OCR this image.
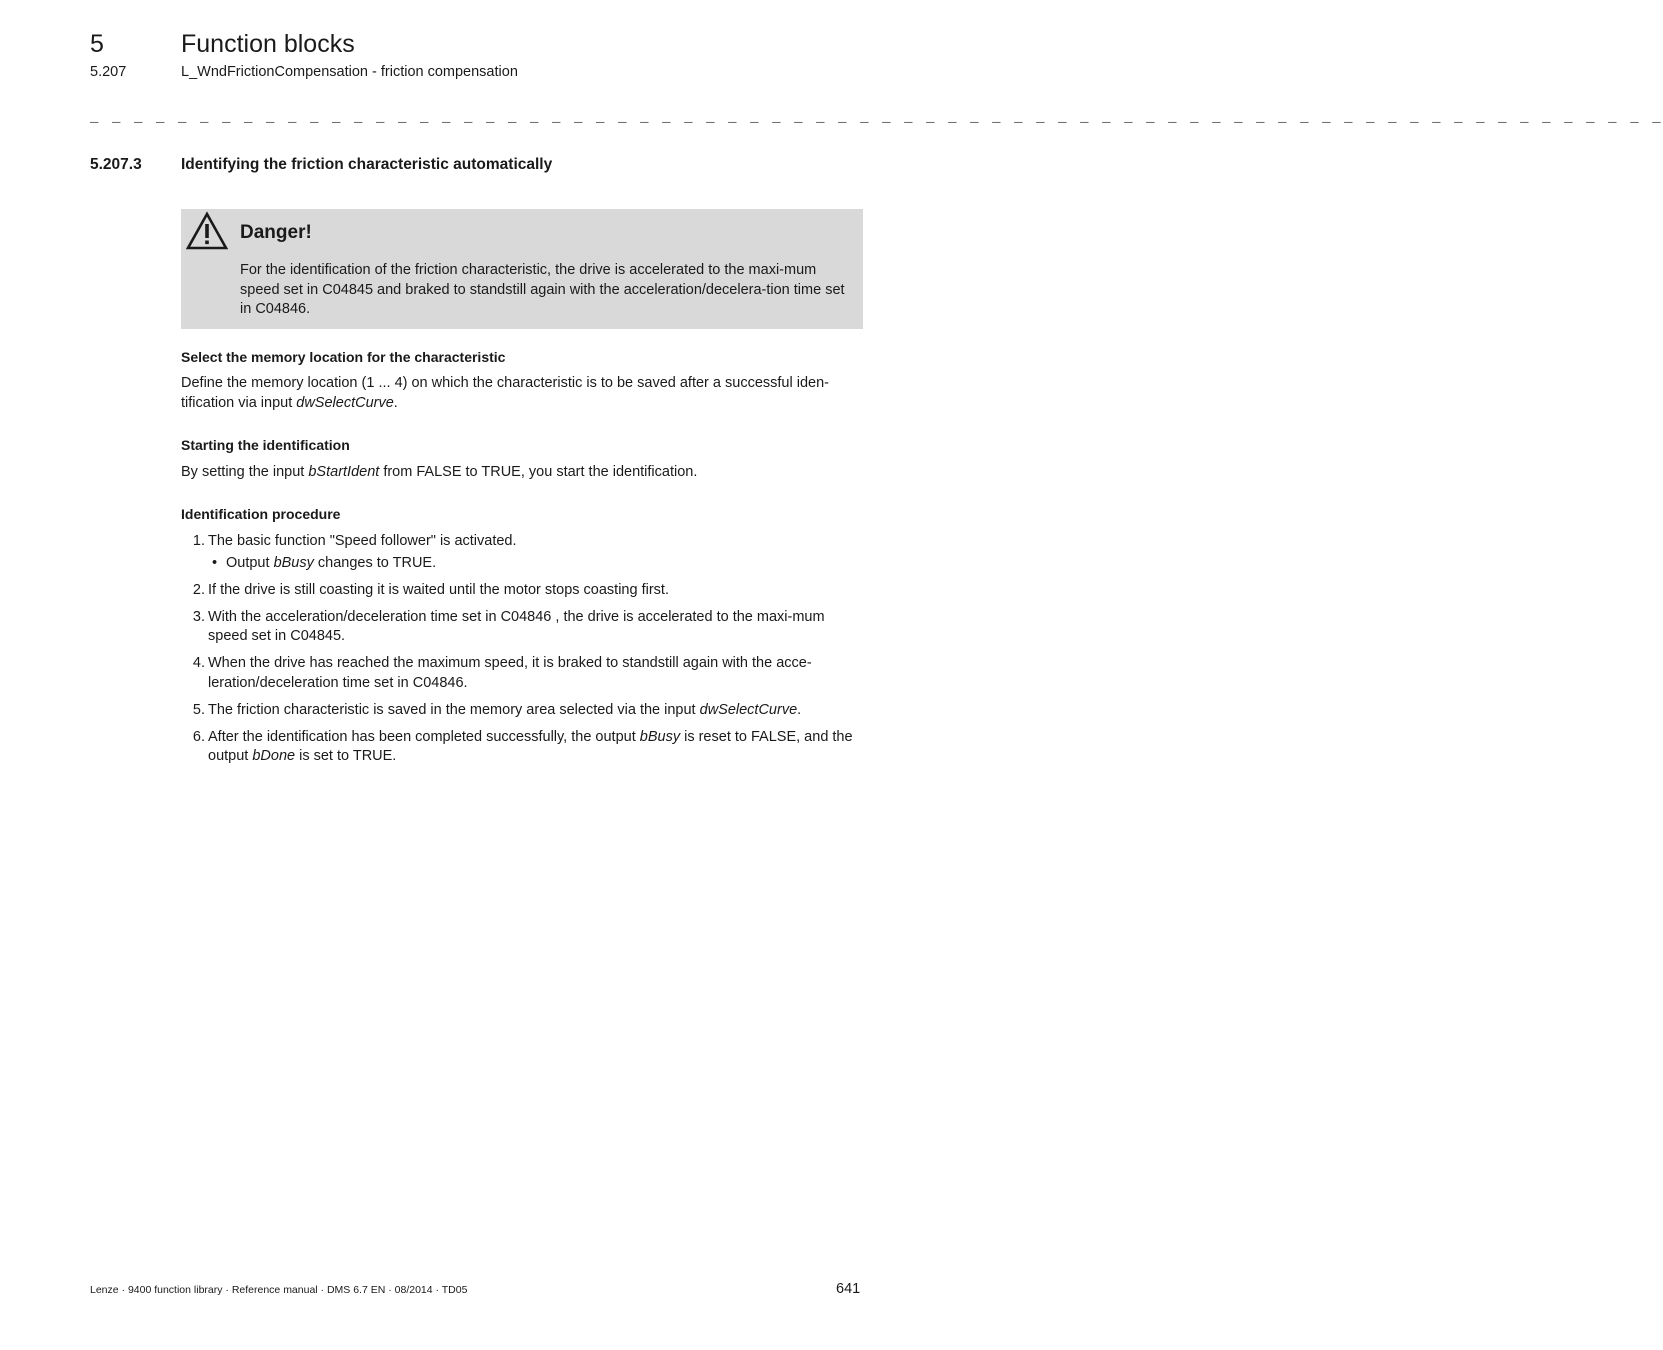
5	Function blocks
5.207	L_WndFrictionCompensation - friction compensation
_ _ _ _ _ _ _ _ _ _ _ _ _ _ _ _ _ _ _ _ _ _ _ _ _ _ _ _ _ _ _ _ _ _ _ _ _ _ _ _ _ _ _ _ _ _ _ _ _ _ _ _ _ _ _ _ _ _ _ _ _ _ _ _ _ _ _ _ _ _ _ _
5.207.3	Identifying the friction characteristic automatically
Danger!
For the identification of the friction characteristic, the drive is accelerated to the maxi-mum speed set in C04845 and braked to standstill again with the acceleration/decelera-tion time set in C04846.
Select the memory location for the characteristic
Define the memory location (1 ... 4) on which the characteristic is to be saved after a successful iden-tification via input dwSelectCurve.
Starting the identification
By setting the input bStartIdent from FALSE to TRUE, you start the identification.
Identification procedure
1. The basic function "Speed follower" is activated.
• Output bBusy changes to TRUE.
2. If the drive is still coasting it is waited until the motor stops coasting first.
3. With the acceleration/deceleration time set in C04846 , the drive is accelerated to the maxi-mum speed set in C04845.
4. When the drive has reached the maximum speed, it is braked to standstill again with the acce-leration/deceleration time set in C04846.
5. The friction characteristic is saved in the memory area selected via the input dwSelectCurve.
6. After the identification has been completed successfully, the output bBusy is reset to FALSE, and the output bDone is set to TRUE.
Lenze · 9400 function library · Reference manual · DMS 6.7 EN · 08/2014 · TD05	641
